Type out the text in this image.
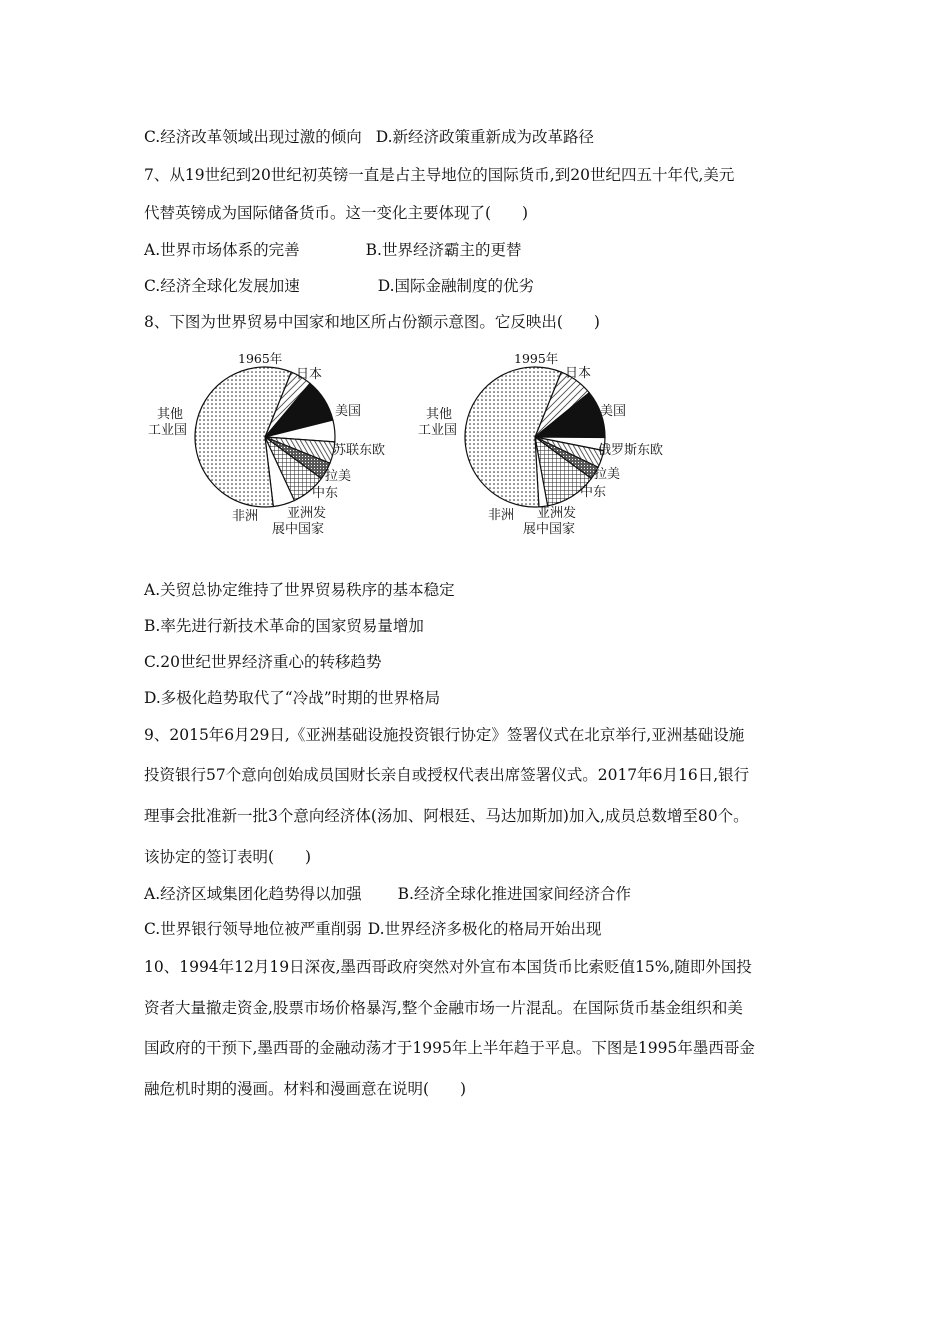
C.经济改革领域出现过激的倾向 D.新经济政策重新成为改革路径
7、从19世纪到20世纪初英镑一直是占主导地位的国际货币,到20世纪四五十年代,美元
代替英镑成为国际储备货币。这一变化主要体现了(　　)
A.世界市场体系的完善	B.世界经济霸主的更替
C.经济全球化发展加速	D.国际金融制度的优劣
8、下图为世界贸易中国家和地区所占份额示意图。它反映出(　　)
1965年
日本
美国
苏联东欧
拉美
中东
亚洲发
展中国家
非洲
其他
工业国
1995年
日本
美国
俄罗斯东欧
拉美
中东
亚洲发
展中国家
非洲
其他
工业国
A.关贸总协定维持了世界贸易秩序的基本稳定
B.率先进行新技术革命的国家贸易量增加
C.20世纪世界经济重心的转移趋势
D.多极化趋势取代了“冷战”时期的世界格局
9、2015年6月29日,《亚洲基础设施投资银行协定》签署仪式在北京举行,亚洲基础设施
投资银行57个意向创始成员国财长亲自或授权代表出席签署仪式。2017年6月16日,银行
理事会批准新一批3个意向经济体(汤加、阿根廷、马达加斯加)加入,成员总数增至80个。
该协定的签订表明(　　)
A.经济区域集团化趋势得以加强 B.经济全球化推进国家间经济合作
C.世界银行领导地位被严重削弱 D.世界经济多极化的格局开始出现
10、1994年12月19日深夜,墨西哥政府突然对外宣布本国货币比索贬值15%,随即外国投
资者大量撤走资金,股票市场价格暴泻,整个金融市场一片混乱。在国际货币基金组织和美
国政府的干预下,墨西哥的金融动荡才于1995年上半年趋于平息。下图是1995年墨西哥金
融危机时期的漫画。材料和漫画意在说明(　　)
